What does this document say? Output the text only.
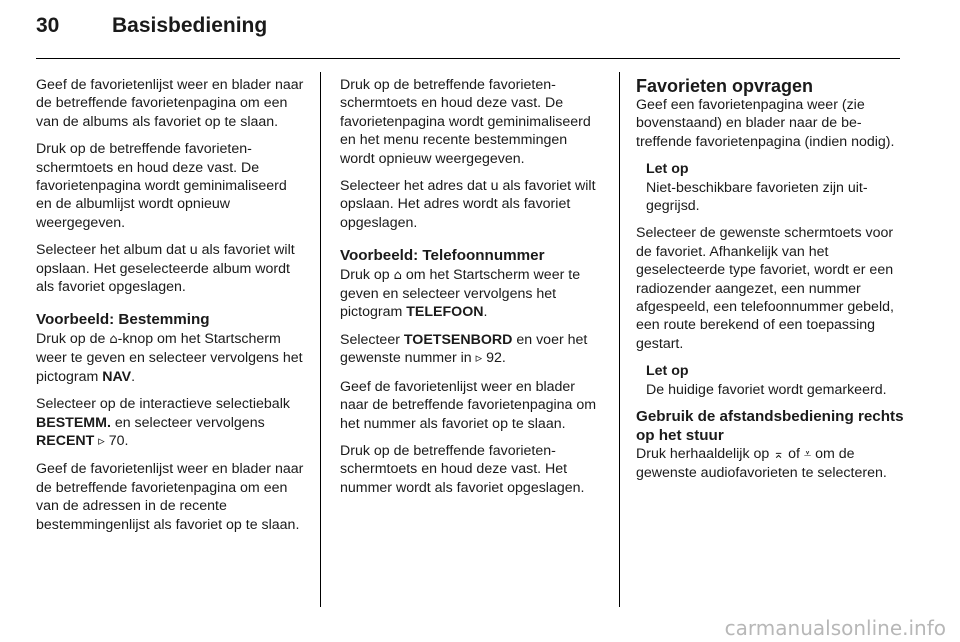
30	Basisbediening

Geef de favorietenlijst weer en blader naar de betreffende favorietenpagina om een van de albums als favoriet op te slaan.

Druk op de betreffende favorietenschermtoets en houd deze vast. De favorietenpagina wordt geminimaliseerd en de albumlijst wordt opnieuw weergegeven.

Selecteer het album dat u als favoriet wilt opslaan. Het geselecteerde album wordt als favoriet opgeslagen.

Voorbeeld: Bestemming

Druk op de ⌂-knop om het Startscherm weer te geven en selecteer vervolgens het pictogram NAV.

Selecteer op de interactieve selectiebalk BESTEMM. en selecteer vervolgens RECENT ▹ 70.

Geef de favorietenlijst weer en blader naar de betreffende favorietenpagina om een van de adressen in de recente bestemmingenlijst als favoriet op te slaan.

Druk op de betreffende favorietenschermtoets en houd deze vast. De favorietenpagina wordt geminimaliseerd en het menu recente bestemmingen wordt opnieuw weergegeven.

Selecteer het adres dat u als favoriet wilt opslaan. Het adres wordt als favoriet opgeslagen.

Voorbeeld: Telefoonnummer

Druk op ⌂ om het Startscherm weer te geven en selecteer vervolgens het pictogram TELEFOON.

Selecteer TOETSENBORD en voer het gewenste nummer in ▹ 92.

Geef de favorietenlijst weer en blader naar de betreffende favorietenpagina om het nummer als favoriet op te slaan.

Druk op de betreffende favorietenschermtoets en houd deze vast. Het nummer wordt als favoriet opgeslagen.

Favorieten opvragen

Geef een favorietenpagina weer (zie bovenstaand) en blader naar de betreffende favorietenpagina (indien nodig).

Let op
Niet-beschikbare favorieten zijn uitgegrijsd.

Selecteer de gewenste schermtoets voor de favoriet. Afhankelijk van het geselecteerde type favoriet, wordt er een radiozender aangezet, een nummer afgespeeld, een telefoonnummer gebeld, een route berekend of een toepassing gestart.

Let op
De huidige favoriet wordt gemarkeerd.
Gebruik de afstandsbediening rechts op het stuur

Druk herhaaldelijk op ⌅ of ⩡ om de gewenste audiofavorieten te selecteren.

carmanualsonline.info
